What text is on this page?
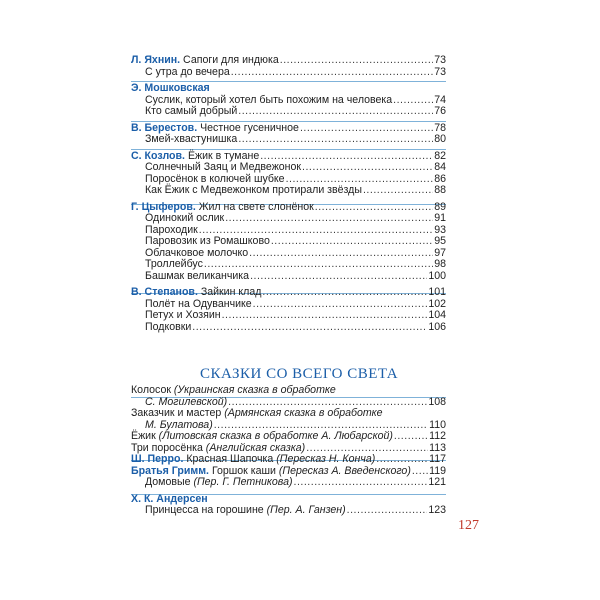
Л. Яхнин. Сапоги для индюка .....	73
С утра до вечера .....	73
Э. Мошковская
Суслик, который хотел быть похожим на человека .....	74
Кто самый добрый .....	76
В. Берестов. Честное гусеничное .....	78
Змей-хвастунишка .....	80
С. Козлов. Ёжик в тумане .....	82
Солнечный Заяц и Медвежонок .....	84
Поросёнок в колючей шубке .....	86
Как Ёжик с Медвежонком протирали звёзды .....	88
Г. Цыферов. Жил на свете слонёнок .....	89
Одинокий ослик .....	91
Пароходик .....	93
Паровозик из Ромашково .....	95
Облачковое молочко .....	97
Троллейбус .....	98
Башмак великанчика .....	100
В. Степанов. Зайкин клад .....	101
Полёт на Одуванчике .....	102
Петух и Хозяин .....	104
Подковки .....	106
СКАЗКИ СО ВСЕГО СВЕТА
Колосок (Украинская сказка в обработке
С. Могилевской) .....	108
Заказчик и мастер (Армянская сказка в обработке
М. Булатова) .....	110
Ёжик (Литовская сказка в обработке А. Любарской) .....	112
Три поросёнка (Английская сказка) .....	113
Ш. Перро. Красная Шапочка (Пересказ Н. Конча) .....	117
Братья Гримм. Горшок каши (Пересказ А. Введенского) ..... 119
Домовые (Пер. Г. Петникова) .....	121
Х. К. Андерсен
Принцесса на горошине (Пер. А. Ганзен) .....	123
127
